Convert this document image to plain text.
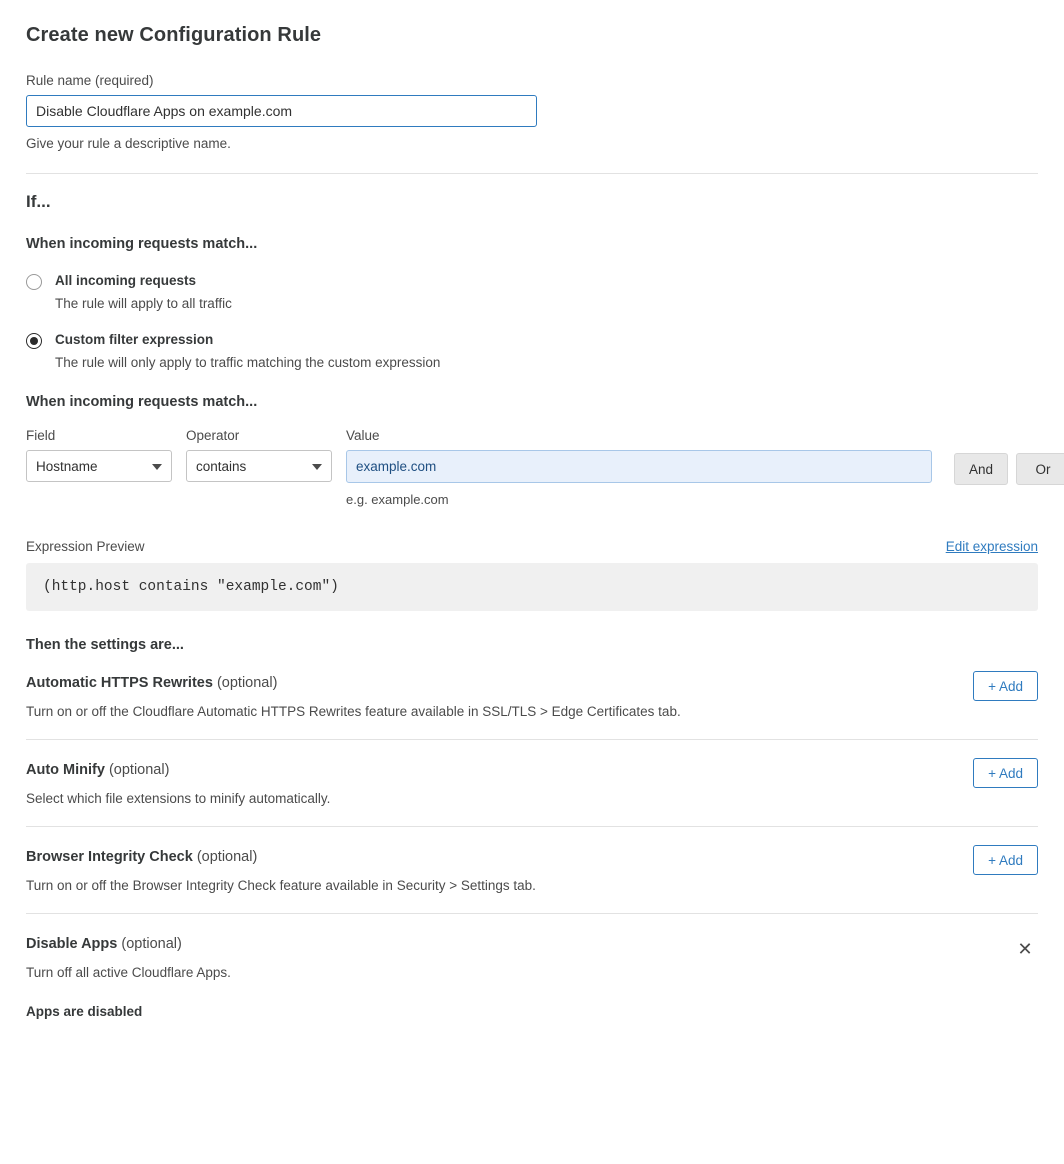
Create new Configuration Rule
Rule name (required)
Disable Cloudflare Apps on example.com
Give your rule a descriptive name.
If...
When incoming requests match...
All incoming requests
The rule will apply to all traffic
Custom filter expression
The rule will only apply to traffic matching the custom expression
When incoming requests match...
Field
Hostname
Operator
contains
Value
example.com
e.g. example.com
And	Or
Expression Preview	Edit expression
(http.host contains "example.com")
Then the settings are...
Automatic HTTPS Rewrites (optional)
Turn on or off the Cloudflare Automatic HTTPS Rewrites feature available in SSL/TLS > Edge Certificates tab.
+ Add
Auto Minify (optional)
Select which file extensions to minify automatically.
+ Add
Browser Integrity Check (optional)
Turn on or off the Browser Integrity Check feature available in Security > Settings tab.
+ Add
Disable Apps (optional)
Turn off all active Cloudflare Apps.
Apps are disabled
✕
